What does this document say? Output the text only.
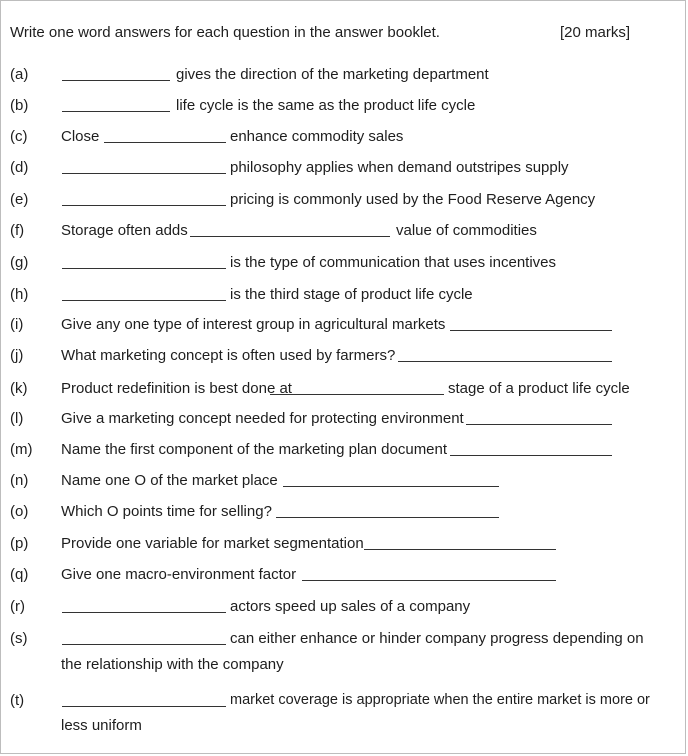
Write one word answers for each question in the answer booklet.	[20 marks]
(a)	gives the direction of the marketing department
(b)	life cycle is the same as the product life cycle
(c) Close	enhance commodity sales
(d)	philosophy applies when demand outstripes supply
(e)	pricing is commonly used by the Food Reserve Agency
(f) Storage often adds	value of commodities
(g)	is the type of communication that uses incentives
(h)	is the third stage of product life cycle
(i)	Give any one type of interest group in agricultural markets
(j)	What marketing concept is often used by farmers?
(k) Product redefinition is best done at	stage of a product life cycle
(l)	Give a marketing concept needed for protecting environment
(m) Name the first component of the marketing plan document
(n) Name one O of the market place
(o) Which O points time for selling?
(p) Provide one variable for market segmentation
(q) Give one macro-environment factor
(r)	actors speed up sales of a company
(s)	can either enhance or hinder company progress depending on
the relationship with the company
(t)	market coverage is appropriate when the entire market is more or
less uniform
